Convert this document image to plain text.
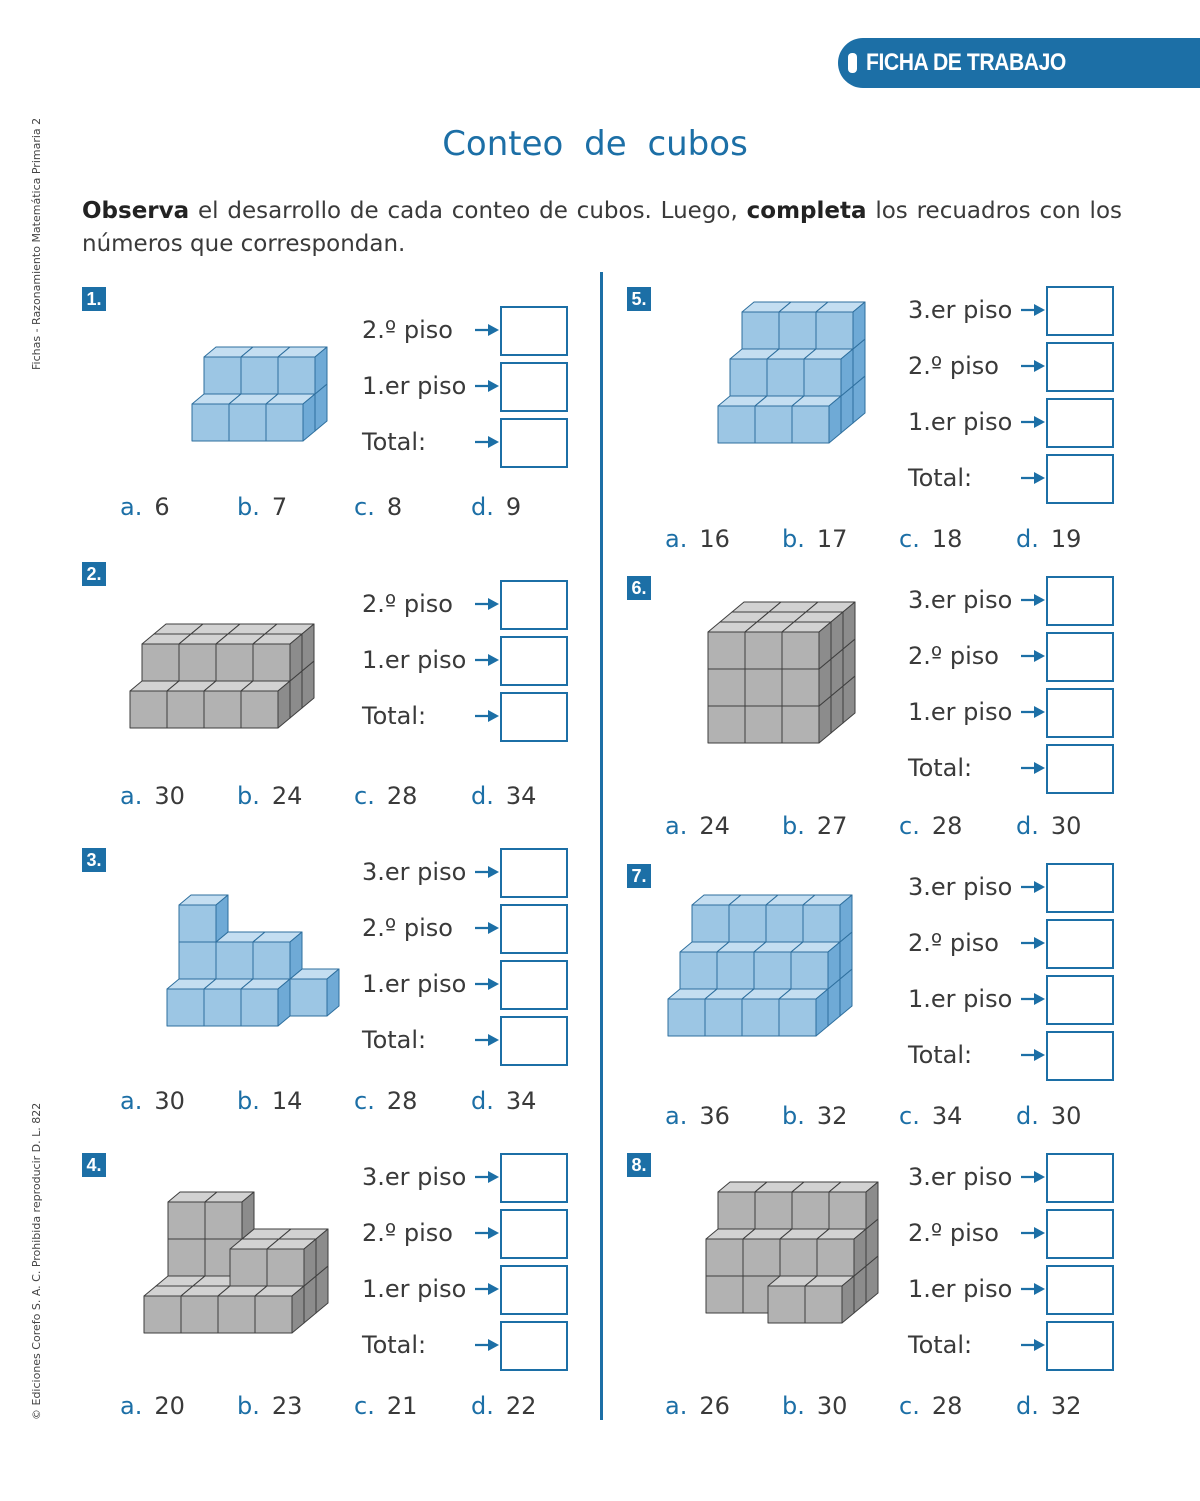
FICHA DE TRABAJO
Fichas - Razonamiento Matemática Primaria 2
© Ediciones Corefo S. A. C. Prohibida reproducir D. L. 822
Conteo de cubos
Observa el desarrollo de cada conteo de cubos. Luego, completa los recuadros con los números que correspondan.
1.
2.º piso
1.er piso
Total:
a. 6	b. 7	c. 8	d. 9
2.
2.º piso
1.er piso
Total:
a. 30 b. 24 c. 28 d. 34
3.	3.er piso
2.º piso
1.er piso
Total:
a. 30 b. 14 c. 28 d. 34
4.	3.er piso
2.º piso
1.er piso
Total:
a. 20 b. 23 c. 21 d. 22
5.	3.er piso
2.º piso
1.er piso
Total:
a. 16 b. 17 c. 18 d. 19
6.	3.er piso
2.º piso
1.er piso
Total:
a. 24 b. 27 c. 28 d. 30
7.	3.er piso
2.º piso
1.er piso
Total:
a. 36 b. 32 c. 34 d. 30
8.	3.er piso
2.º piso
1.er piso
Total:
a. 26 b. 30 c. 28 d. 32
